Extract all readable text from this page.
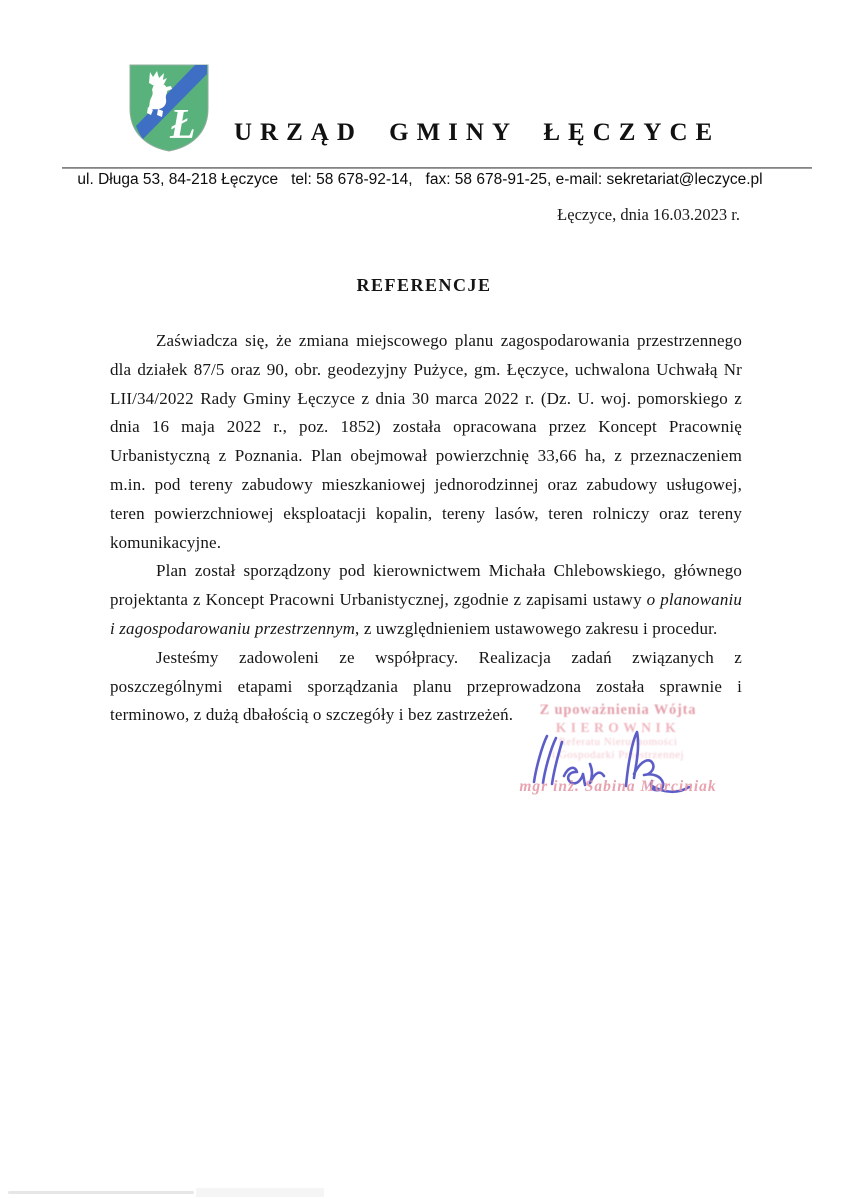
Ł URZĄD GMINY ŁĘCZYCE
ul. Długa 53, 84-218 Łęczyce   tel: 58 678-92-14,   fax: 58 678-91-25, e-mail: sekretariat@leczyce.pl
Łęczyce, dnia 16.03.2023 r.
REFERENCJE

Zaświadcza się, że zmiana miejscowego planu zagospodarowania przestrzennego dla działek 87/5 oraz 90, obr. geodezyjny Pużyce, gm. Łęczyce, uchwalona Uchwałą Nr LII/34/2022 Rady Gminy Łęczyce z dnia 30 marca 2022 r. (Dz. U. woj. pomorskiego z dnia 16 maja 2022 r., poz. 1852) została opracowana przez Koncept Pracownię Urbanistyczną z Poznania. Plan obejmował powierzchnię 33,66 ha, z przeznaczeniem m.in. pod tereny zabudowy mieszkaniowej jednorodzinnej oraz zabudowy usługowej, teren powierzchniowej eksploatacji kopalin, tereny lasów, teren rolniczy oraz tereny komunikacyjne.

Plan został sporządzony pod kierownictwem Michała Chlebowskiego, głównego projektanta z Koncept Pracowni Urbanistycznej, zgodnie z zapisami ustawy o planowaniu i zagospodarowaniu przestrzennym, z uwzględnieniem ustawowego zakresu i procedur.

Jesteśmy zadowoleni ze współpracy. Realizacja zadań związanych z poszczególnymi etapami sporządzania planu przeprowadzona została sprawnie i terminowo, z dużą dbałością o szczegóły i bez zastrzeżeń.	Z upoważnienia Wójta
KIEROWNIK
Referatu Nieruchomości
i Gospodarki Przestrzennej
mgr inż. Sabina Marciniak
